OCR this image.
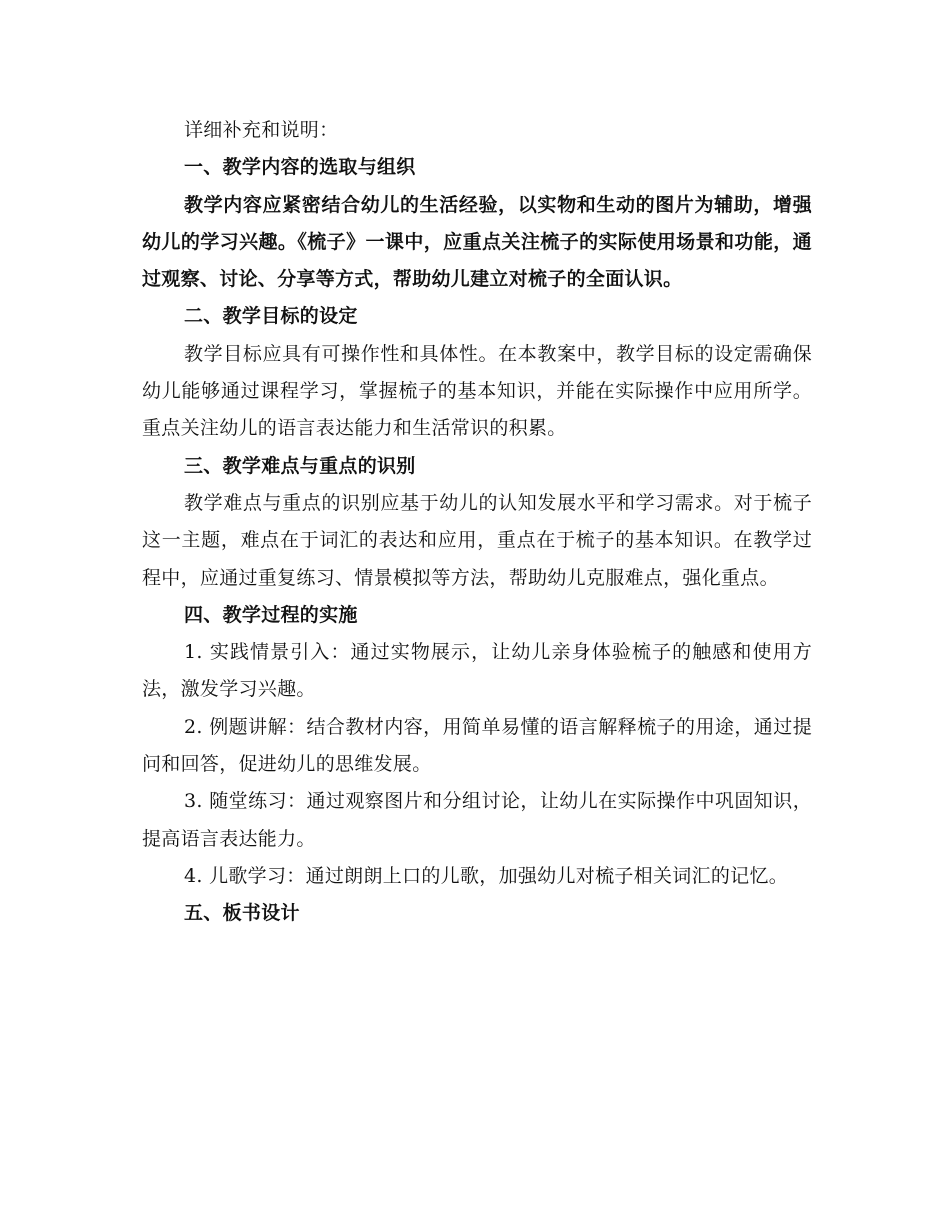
详细补充和说明：

一、教学内容的选取与组织

教学内容应紧密结合幼儿的生活经验，以实物和生动的图片为辅助，增强幼儿的学习兴趣。《梳子》一课中，应重点关注梳子的实际使用场景和功能，通过观察、讨论、分享等方式，帮助幼儿建立对梳子的全面认识。

二、教学目标的设定

教学目标应具有可操作性和具体性。在本教案中，教学目标的设定需确保幼儿能够通过课程学习，掌握梳子的基本知识，并能在实际操作中应用所学。重点关注幼儿的语言表达能力和生活常识的积累。

三、教学难点与重点的识别

教学难点与重点的识别应基于幼儿的认知发展水平和学习需求。对于梳子这一主题，难点在于词汇的表达和应用，重点在于梳子的基本知识。在教学过程中，应通过重复练习、情景模拟等方法，帮助幼儿克服难点，强化重点。

四、教学过程的实施

1. 实践情景引入：通过实物展示，让幼儿亲身体验梳子的触感和使用方法，激发学习兴趣。

2. 例题讲解：结合教材内容，用简单易懂的语言解释梳子的用途，通过提问和回答，促进幼儿的思维发展。

3. 随堂练习：通过观察图片和分组讨论，让幼儿在实际操作中巩固知识，提高语言表达能力。

4. 儿歌学习：通过朗朗上口的儿歌，加强幼儿对梳子相关词汇的记忆。

五、板书设计
